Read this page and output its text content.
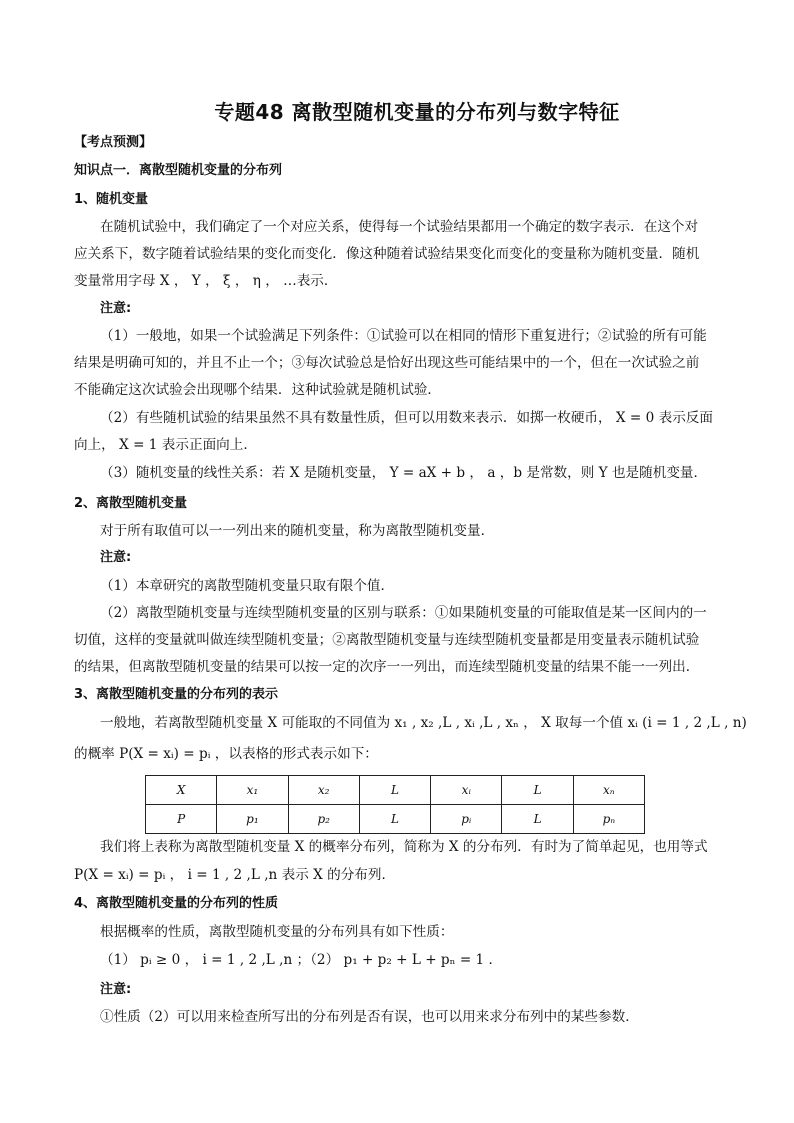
专题48 离散型随机变量的分布列与数字特征
【考点预测】
知识点一．离散型随机变量的分布列
1、随机变量
在随机试验中，我们确定了一个对应关系，使得每一个试验结果都用一个确定的数字表示．在这个对
应关系下，数字随着试验结果的变化而变化．像这种随着试验结果变化而变化的变量称为随机变量．随机
变量常用字母 X ， Y ， ξ ， η ， …表示．
注意:
（1）一般地，如果一个试验满足下列条件：①试验可以在相同的情形下重复进行；②试验的所有可能
结果是明确可知的，并且不止一个；③每次试验总是恰好出现这些可能结果中的一个，但在一次试验之前
不能确定这次试验会出现哪个结果．这种试验就是随机试验．
（2）有些随机试验的结果虽然不具有数量性质，但可以用数来表示．如掷一枚硬币， X = 0 表示反面
向上， X = 1 表示正面向上．
（3）随机变量的线性关系：若 X 是随机变量， Y = aX + b ， a ，b 是常数，则 Y 也是随机变量．
2、离散型随机变量
对于所有取值可以一一列出来的随机变量，称为离散型随机变量．
注意:
（1）本章研究的离散型随机变量只取有限个值．
（2）离散型随机变量与连续型随机变量的区别与联系：①如果随机变量的可能取值是某一区间内的一
切值，这样的变量就叫做连续型随机变量；②离散型随机变量与连续型随机变量都是用变量表示随机试验
的结果，但离散型随机变量的结果可以按一定的次序一一列出，而连续型随机变量的结果不能一一列出．
3、离散型随机变量的分布列的表示
一般地，若离散型随机变量 X 可能取的不同值为 x₁ , x₂ ,L , xᵢ ,L , xₙ ， X 取每一个值 xᵢ (i = 1 , 2 ,L , n)
的概率 P(X = xᵢ) = pᵢ ，以表格的形式表示如下：
X	x₁	x₂	L	xᵢ	L	xₙ
P	p₁	p₂	L	pᵢ	L	pₙ
我们将上表称为离散型随机变量 X 的概率分布列，简称为 X 的分布列．有时为了简单起见，也用等式
P(X = xᵢ) = pᵢ ， i = 1 , 2 ,L ,n 表示 X 的分布列．
4、离散型随机变量的分布列的性质
根据概率的性质，离散型随机变量的分布列具有如下性质：
（1） pᵢ ≥ 0 ， i = 1 , 2 ,L ,n ；（2） p₁ + p₂ + L + pₙ = 1 ．
注意:
①性质（2）可以用来检查所写出的分布列是否有误，也可以用来求分布列中的某些参数．
